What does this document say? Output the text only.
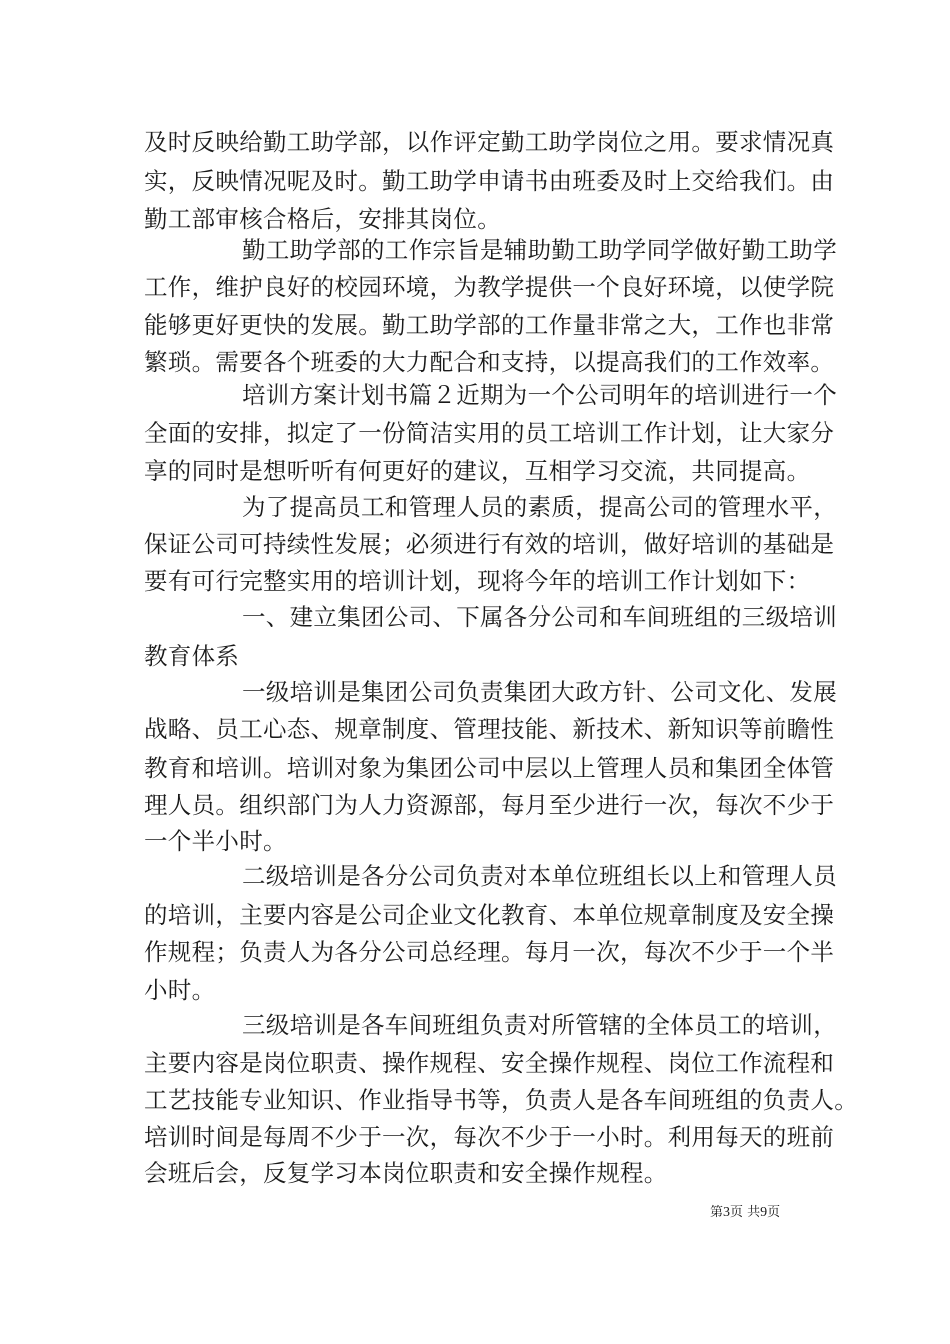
及时反映给勤工助学部，以作评定勤工助学岗位之用。要求情况真
实，反映情况呢及时。勤工助学申请书由班委及时上交给我们。由
勤工部审核合格后，安排其岗位。
勤工助学部的工作宗旨是辅助勤工助学同学做好勤工助学
工作，维护良好的校园环境，为教学提供一个良好环境，以使学院
能够更好更快的发展。勤工助学部的工作量非常之大，工作也非常
繁琐。需要各个班委的大力配合和支持，以提高我们的工作效率。
培训方案计划书篇２近期为一个公司明年的培训进行一个
全面的安排，拟定了一份简洁实用的员工培训工作计划，让大家分
享的同时是想听听有何更好的建议，互相学习交流，共同提高。
为了提高员工和管理人员的素质，提高公司的管理水平，
保证公司可持续性发展；必须进行有效的培训，做好培训的基础是
要有可行完整实用的培训计划，现将今年的培训工作计划如下：
一、建立集团公司、下属各分公司和车间班组的三级培训
教育体系
一级培训是集团公司负责集团大政方针、公司文化、发展
战略、员工心态、规章制度、管理技能、新技术、新知识等前瞻性
教育和培训。培训对象为集团公司中层以上管理人员和集团全体管
理人员。组织部门为人力资源部，每月至少进行一次，每次不少于
一个半小时。
二级培训是各分公司负责对本单位班组长以上和管理人员
的培训，主要内容是公司企业文化教育、本单位规章制度及安全操
作规程；负责人为各分公司总经理。每月一次，每次不少于一个半
小时。
三级培训是各车间班组负责对所管辖的全体员工的培训，
主要内容是岗位职责、操作规程、安全操作规程、岗位工作流程和
工艺技能专业知识、作业指导书等，负责人是各车间班组的负责人。
培训时间是每周不少于一次，每次不少于一小时。利用每天的班前
会班后会，反复学习本岗位职责和安全操作规程。
第3页 共9页
